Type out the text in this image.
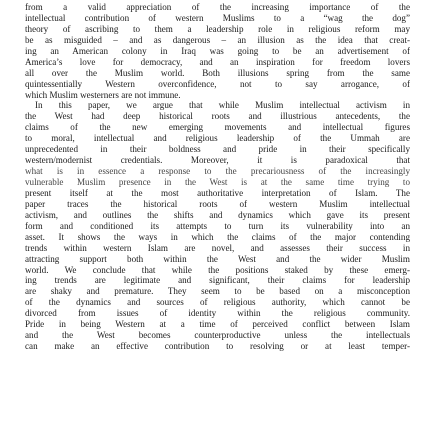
from a valid appreciation of the increasing importance of the
intellectual contribution of western Muslims to a “wag the dog”
theory of ascribing to them a leadership role in religious reform may
be as misguided – and as dangerous – an illusion as the idea that creat-
ing an American colony in Iraq was going to be an advertisement of
America’s love for democracy, and an inspiration for freedom lovers
all over the Muslim world. Both illusions spring from the same
quintessentially Western overconfidence, not to say arrogance, of
which Muslim westerners are not immune.
In this paper, we argue that while Muslim intellectual activism in
the West had deep historical roots and illustrious antecedents, the
claims of the new emerging movements and intellectual figures
to moral, intellectual and religious leadership of the Ummah are
unprecedented in their boldness and pride in their specifically
western/modernist credentials. Moreover, it is paradoxical that
what is in essence a response to the precariousness of the increasingly
vulnerable Muslim presence in the West is at the same time trying to
present itself at the most authoritative interpretation of Islam. The
paper traces the historical roots of western Muslim intellectual
activism, and outlines the shifts and dynamics which gave its present
form and conditioned its attempts to turn its vulnerability into an
asset. It shows the ways in which the claims of the major contending
trends within western Islam are novel, and assesses their success in
attracting support both within the West and the wider Muslim
world. We conclude that while the positions staked by these emerg-
ing trends are legitimate and significant, their claims for leadership
are shaky and premature. They seem to be based on a misconception
of the dynamics and sources of religious authority, which cannot be
divorced from issues of identity within the religious community.
Pride in being Western at a time of perceived conflict between Islam
and the West becomes counterproductive unless the intellectuals
can make an effective contribution to resolving or at least temper-
